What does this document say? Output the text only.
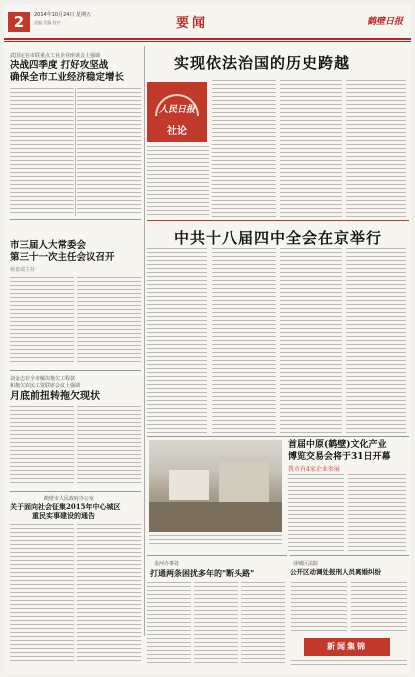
2	2014年10月24日 星期五
责编 美编 校对	要闻	鹤壁日报
武国定在市联重点工业企业座谈会上强调
决战四季度 打好攻坚战
确保全市工业经济稳定增长
实现依法治国的历史跨越
人民日报
社论
中共十八届四中全会在京举行
市三届人大常委会
第三十一次主任会议召开
杨嘉瑞主持
刘金志在全市解决拖欠工程款
和拖欠农民工资联席会议上强调
月底前扭转拖欠现状
鹤壁市人民政府办公室
关于面向社会征集2015年中心城区
重民实事建设的通告
首届中原(鹤壁)文化产业
博览交易会将于31日开幕
我市有4家企业参展
金河办事处
打通两条困扰多年的"断头路"
译城区法院
公开区动调处报刑人员离婚纠纷
新闻集锦
